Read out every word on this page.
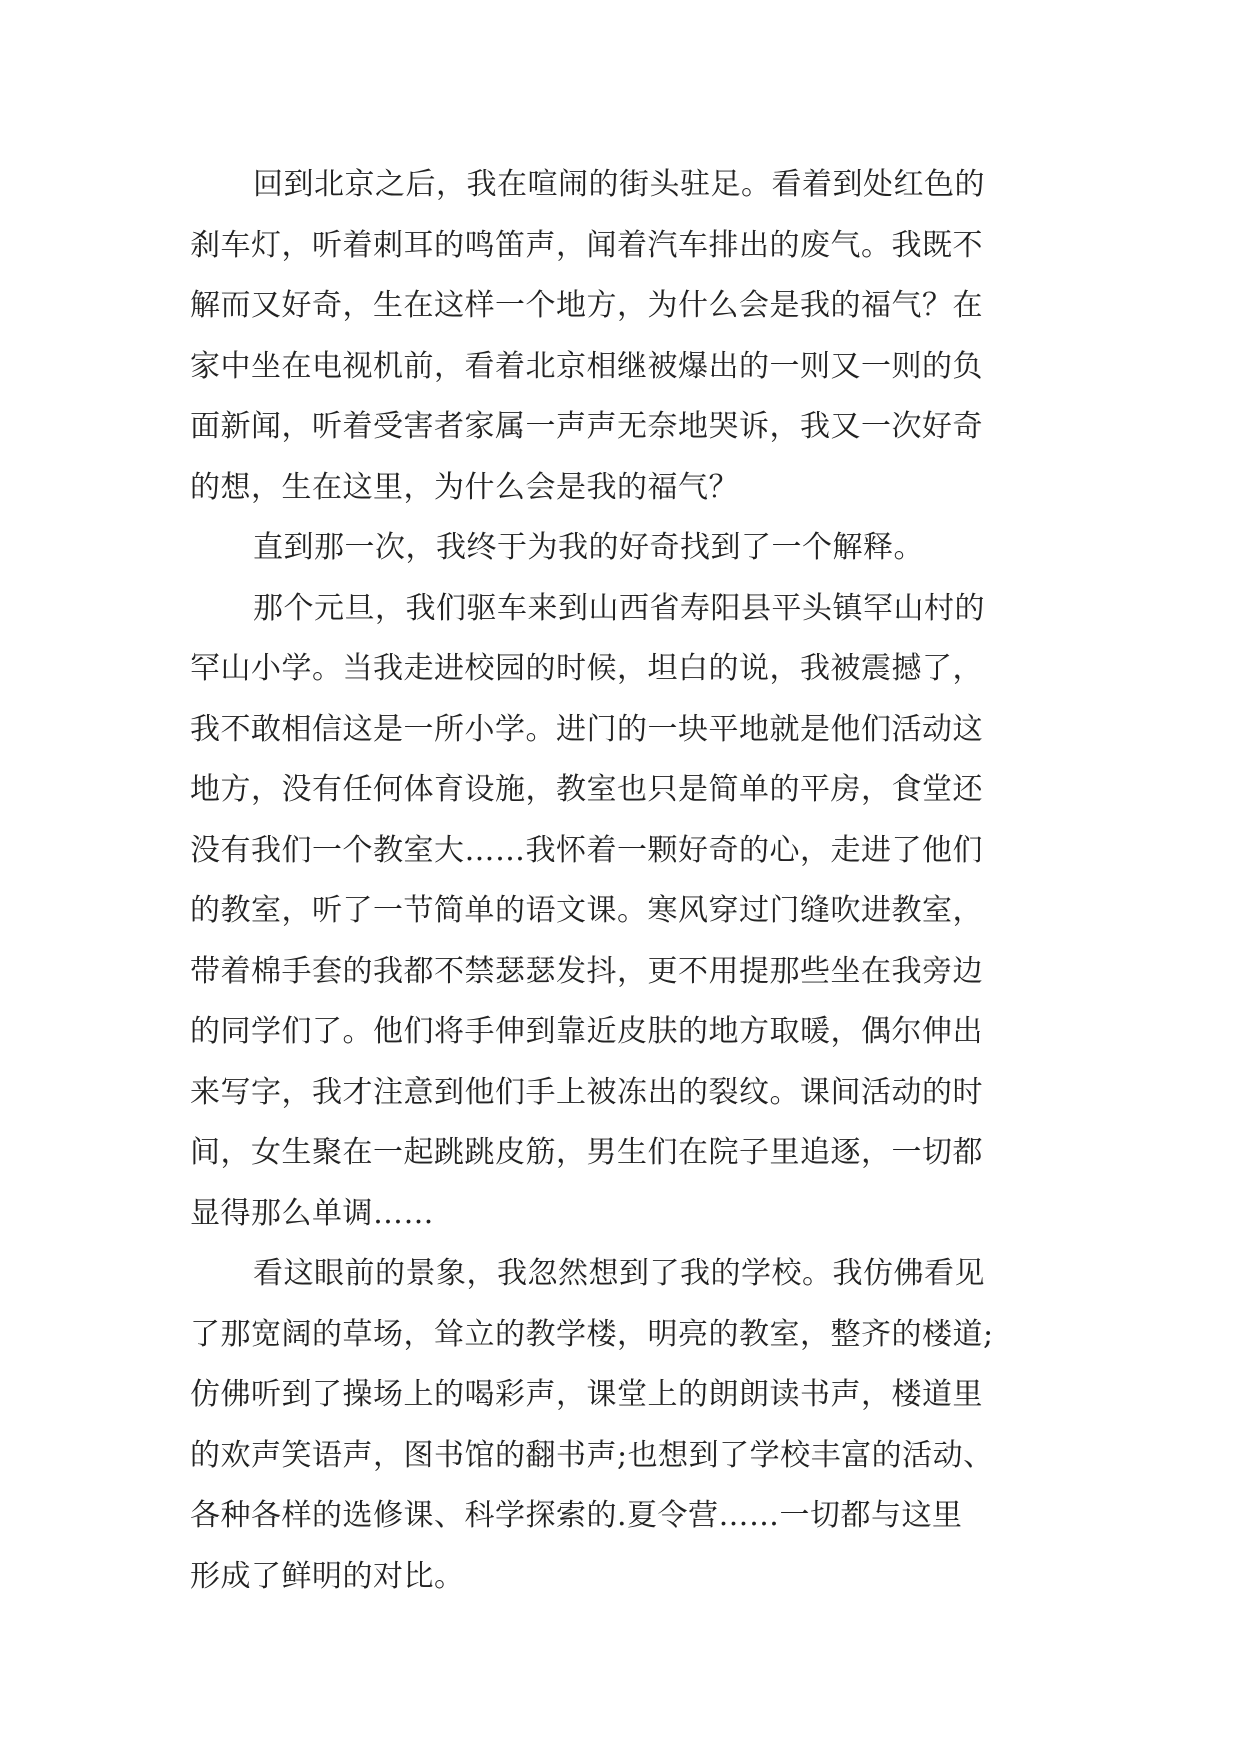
回到北京之后，我在喧闹的街头驻足。看着到处红色的
刹车灯，听着刺耳的鸣笛声，闻着汽车排出的废气。我既不
解而又好奇，生在这样一个地方，为什么会是我的福气？在
家中坐在电视机前，看着北京相继被爆出的一则又一则的负
面新闻，听着受害者家属一声声无奈地哭诉，我又一次好奇
的想，生在这里，为什么会是我的福气？
直到那一次，我终于为我的好奇找到了一个解释。
那个元旦，我们驱车来到山西省寿阳县平头镇罕山村的
罕山小学。当我走进校园的时候，坦白的说，我被震撼了，
我不敢相信这是一所小学。进门的一块平地就是他们活动这
地方，没有任何体育设施，教室也只是简单的平房，食堂还
没有我们一个教室大……我怀着一颗好奇的心，走进了他们
的教室，听了一节简单的语文课。寒风穿过门缝吹进教室，
带着棉手套的我都不禁瑟瑟发抖，更不用提那些坐在我旁边
的同学们了。他们将手伸到靠近皮肤的地方取暖，偶尔伸出
来写字，我才注意到他们手上被冻出的裂纹。课间活动的时
间，女生聚在一起跳跳皮筋，男生们在院子里追逐，一切都
显得那么单调……
看这眼前的景象，我忽然想到了我的学校。我仿佛看见
了那宽阔的草场，耸立的教学楼，明亮的教室，整齐的楼道;
仿佛听到了操场上的喝彩声，课堂上的朗朗读书声，楼道里
的欢声笑语声，图书馆的翻书声;也想到了学校丰富的活动、
各种各样的选修课、科学探索的.夏令营……一切都与这里
形成了鲜明的对比。
